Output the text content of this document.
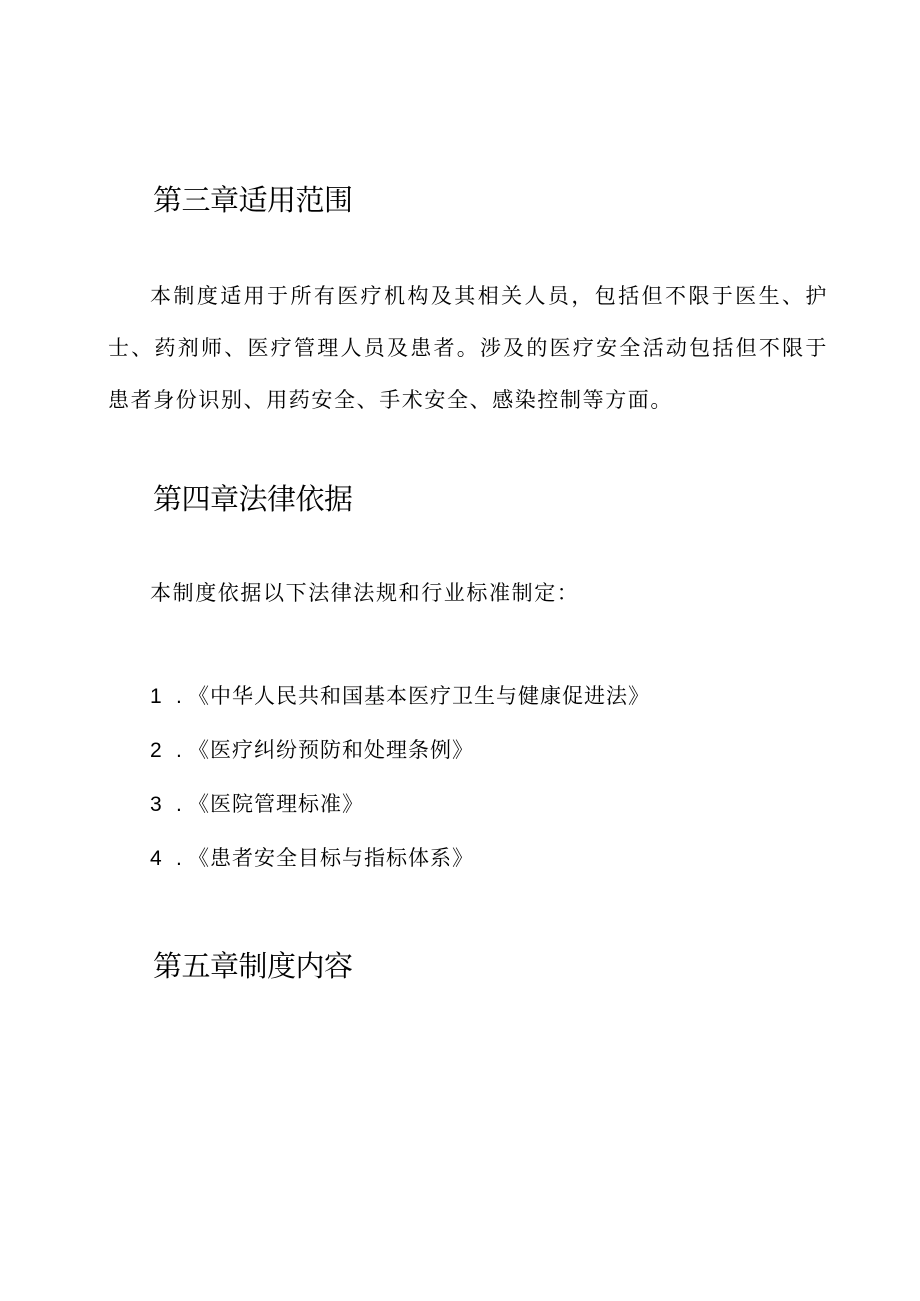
第三章适用范围

本制度适用于所有医疗机构及其相关人员，包括但不限于医生、护士、药剂师、医疗管理人员及患者。涉及的医疗安全活动包括但不限于患者身份识别、用药安全、手术安全、感染控制等方面。

第四章法律依据
本制度依据以下法律法规和行业标准制定：
1 . 《中华人民共和国基本医疗卫生与健康促进法》
2 . 《医疗纠纷预防和处理条例》
3 . 《医院管理标准》
4 . 《患者安全目标与指标体系》
第五章制度内容
